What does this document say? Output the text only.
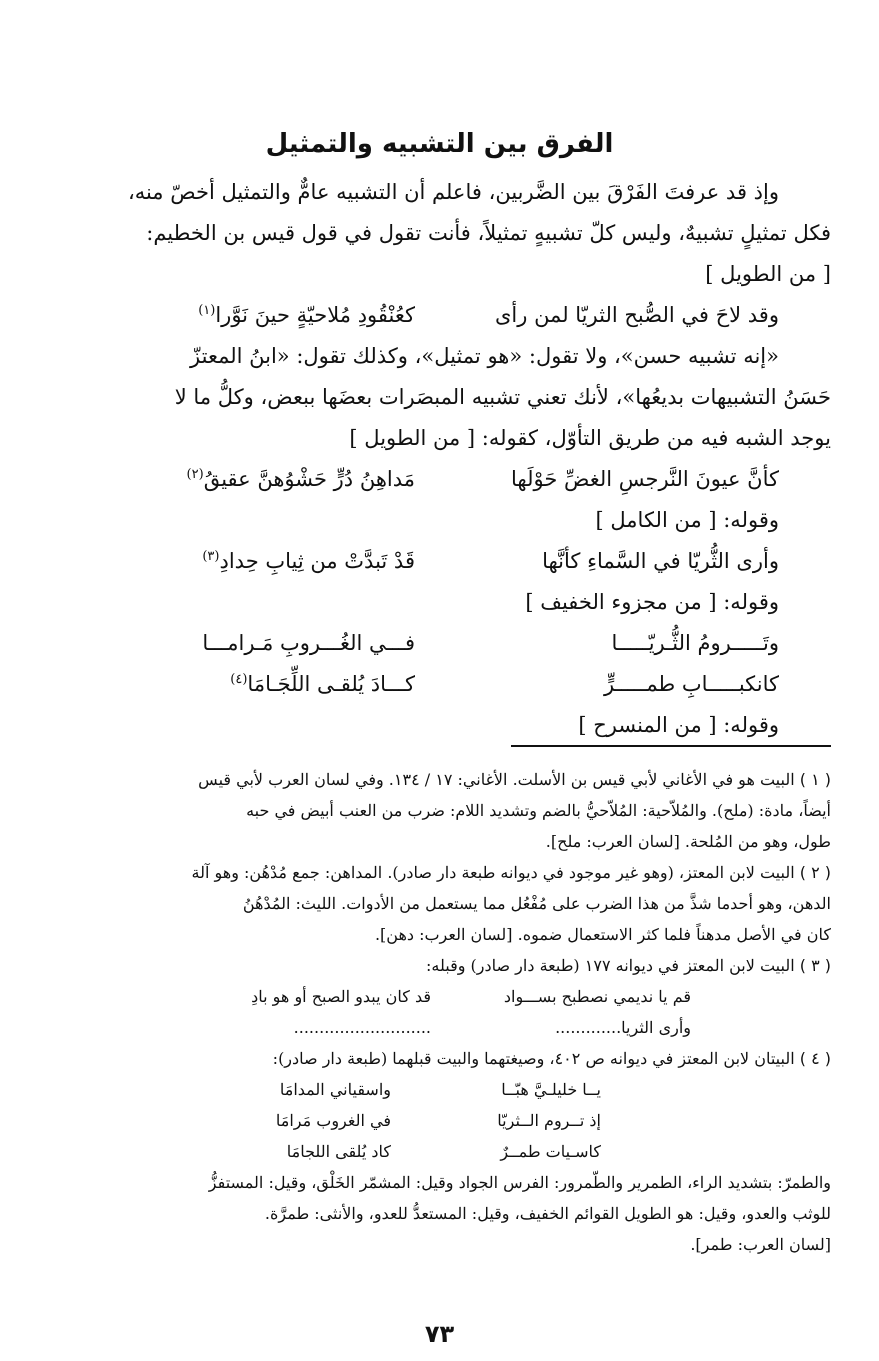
الفرق بين التشبيه والتمثيل

وإذ قد عرفتَ الفَرْقَ بين الضَّربين، فاعلم أن التشبيه عامٌّ والتمثيل أخصّ منه،

فكل تمثيلٍ تشبيهٌ، وليس كلّ تشبيهٍ تمثيلاً، فأنت تقول في قول قيس بن الخطيم:

[ من الطويل ]

وقد لاحَ في الصُّبح الثريّا لمن رأى
كعُنْقُودِ مُلاحيّةٍ حينَ نَوَّرا$^{(١)}$

«إنه تشبيه حسن»، ولا تقول: «هو تمثيل»، وكذلك تقول: «ابنُ المعتزّ

حَسَنُ التشبيهات بديعُها»، لأنك تعني تشبيه المبصَرات بعضَها ببعض، وكلُّ ما لا

يوجد الشبه فيه من طريق التأوّل، كقوله: [ من الطويل ]

كأنَّ عيونَ النَّرجسِ الغضِّ حَوْلَها
مَداهِنُ دُرٍّ حَشْوُهنَّ عقيقُ$^{(٢)}$

وقوله: [ من الكامل ]

وأرى الثُّريّا في السَّماءِ كأنَّها
قَدْ تَبدَّتْ من ثِيابِ حِدادِ$^{(٣)}$

وقوله: [ من مجزوء الخفيف ]

وتَـــــرومُ الثُّـريّـــــا
فـــي الغُـــروبِ مَـرامـــا
كانكبـــــابِ طمـــــرٍّ
كـــادَ يُلقـى اللِّجَـامَا$^{(٤)}$

وقوله: [ من المنسرح ]

( ١ ) البيت هو في الأغاني لأبي قيس بن الأسلت. الأغاني: ١٧ / ١٣٤. وفي لسان العرب لأبي قيس

أيضاً، مادة: (ملح). والمُلاّحية: المُلاّحيُّ بالضم وتشديد اللام: ضرب من العنب أبيض في حبه

طول، وهو من المُلحة. [لسان العرب: ملح].

( ٢ ) البيت لابن المعتز، (وهو غير موجود في ديوانه طبعة دار صادر). المداهن: جمع مُدْهُن: وهو آلة

الدهن، وهو أحدما شذَّ من هذا الضرب على مُفْعُل مما يستعمل من الأدوات. الليث: المُدْهُنُ

كان في الأصل مدهناً فلما كثر الاستعمال ضموه. [لسان العرب: دهن].

( ٣ ) البيت لابن المعتز في ديوانه ١٧٧ (طبعة دار صادر) وقبله:

قم يا نديمي نصطبح بســـواد
قد كان يبدو الصبح أو هو بادِ
وأرى الثريا.............
...........................

( ٤ ) البيتان لابن المعتز في ديوانه ص ٤٠٢، وصيغتهما والبيت قبلهما (طبعة دار صادر):

يــا خليلـيَّ هبّــا
واسقياني المدامَا
إذ تــروم الــثريّا
في الغروب مَرامَا
كاسـيات طمــرٌ
كاد يُلقى اللجامَا

والطمرّ: بتشديد الراء، الطمرير والطّمرور: الفرس الجواد وقيل: المشمّر الخَلْق، وقيل: المستفزُّ

للوثب والعدو، وقيل: هو الطويل القوائم الخفيف، وقيل: المستعدُّ للعدو، والأنثى: طمرَّة.

[لسان العرب: طمر].

٧٣
